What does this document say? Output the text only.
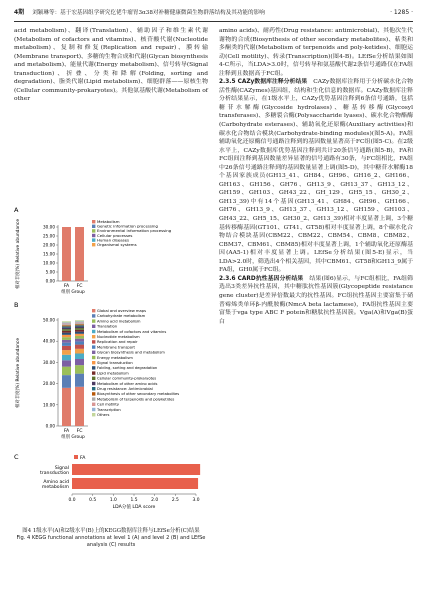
4期 刘颖琳等：基于宏基因组学研究仡佬牛瘤胃3α38对补糖健康微菌生物群落结构及其功能的影响	· 1285 ·

acid metabolism)、翻译(Translation)、辅助因子和维生素代谢(Metabolism of cofactors and vitamins)、核苷酸代谢(Nucleotide metabolism)、复制和修复(Replication and repair)、膜转输(Membrane transport)、多糖的生物合成和代谢(Glycan biosynthesis and metabolism)、能量代谢(Energy metabolism)、信号转导(Signal transduction)、折叠、分类和降解(Folding, sorting and degradation)、脂类代谢(Lipid metabolism)、细胞群落——原核生物(Cellular community-prokaryotes)。其他氨基酸代谢(Metabolism of other

amino acids)、耐药性(Drug resistance: antimicrobial)、其他次生代谢物的合成(Biosynthesis of other secondary metabolites)、萜类和多酮类的代谢(Metabolism of terpenoids and poly-ketides)、细胞运动(Cell motility)、转录(Transcription)(图4-B)。LEfSe分析结果如图4-C所示，当LDA>3.0时，信号转导和氨基酸代谢2条信号通路仅在FA组注释到且数据高于FC组。

2.3.5 CAZy数据库注释分析结果  CAZy数据库注释用于分析碳水化合物活性酶(CAZymes)基因组，结构和生化信息的数据库。CAZy数据库注释分析结果显示，在1级水平上，CAZy优势基因注释到6条信号通路，包括糖苷水解酶(Glycoside hydrolases)、糖基转移酶(Glycosyl transferases)、多糖裂合酶(Polysaccharide lyases)、碳水化合物酯酶(Carbohydrate esterases)、辅助氧化还原酶(Auxiliary activities)和碳水化合物结合模块(Carbohydrate-binding modules)(图5-A)。FA组辅助氧化还原酶信号通路注释到的基因数量显著高于FC组(图5-C)。在2级水平上，CAZy数据库优势基因注释到共计20条信号通路(图5-B)，FA和FC组间注释到基因数量差异显著的信号通路有30条，与FC组相比，FA组中26条信号通路注释到的基因数量显著上调(图5-D)，其中糖苷水解酶18个基因家族成员(GH13_41、GH84、GH96、GH16_2、GH166、GH163、GH156、GH76、GH13_9、GH13_37、GH13_12、GH159、GH103、GH43_22、GH_129、GH5_15、GH30_2、GH13_39)中有14个基因(GH13_41、GH84、GH96、GH166、GH76、GH13_9、GH13_37、GH13_12、GH159、GH103、GH43_22、GH5_15、GH30_2、GH13_39)相对丰度显著上调，3个糖基转移酶基因(GT101、GT41、GT58)相对丰度显著上调，8个碳水化合物结合模块基因(CBM22、CBM22、CBM54、CBM8、CBM82、CBM37、CBM61、CBM85)相对丰度显著上调，1个辅助氧化还原酶基因(AA5-1)相对丰度显著上调。LEfSe分析结果(图5-E)显示，当LDA>2.0时，筛选出4个相关基因，其中CBM61、GT58和GH13_9属于FA组，GH0属于FC组。

2.3.6 CARD抗性基因分析结果  结果(图6)显示，与FC组相比，FA组筛选出3类差异抗性基因，其中糖肽抗性基因簇(Glycopeptide resistance gene cluster)是差异倍数最大的抗性基因。FC组抗性基因主要富集于硝普霉烯类单环β-内酰胺酶(NmcA beta lactamese)，FA组抗性基因主要富集于vga type ABC F potein和糖肽抗性基因簇。Vga(A)和Vga(B)蛋白

A
相对丰度(%) Relative abundance	0.00
5.00
10.00
15.00
20.00
25.00
30.00
FA FC
组别 Group
Metabolism
Genetic information processing
Environmental information processing
Cellular processes
Human diseases
Organismal systems
B
相对丰度(%) Relative abundance
0.00
10.00
20.00
30.00
40.00
50.00
FA FC
组别 Group
Global and overview maps
Carbohydrate metabolism
Amino acid metabolism
Translation
Metabolism of cofactors and vitamins
Nucleotide metabolism
Replication and repair
Membrane transport
Glycan biosynthesis and metabolism
Energy metabolism
Signal transduction
Folding, sorting and degradation
Lipid metabolism
Cellular community-prokaryotes
Metabolism of other amino acids
Drug resistance: Antimicrobial
Biosynthesis of other secondary metabolites
Metabolism of terpenoids and polyketides
Cell motility
Transcription
Others
C	FA
Signal
transduction
Amino acid
metabolism
0.0	0.5	1.0	1.5	2.0	2.5	3.0
LDA分值 LDA score

图4 1级水平(A)和2级水平(B)上的KEGG数据库注释与LEfSe分析(C)结果

Fig. 4 KEGG functional annotations at level 1 (A) and level 2 (B) and LEfSe analysis (C) results
